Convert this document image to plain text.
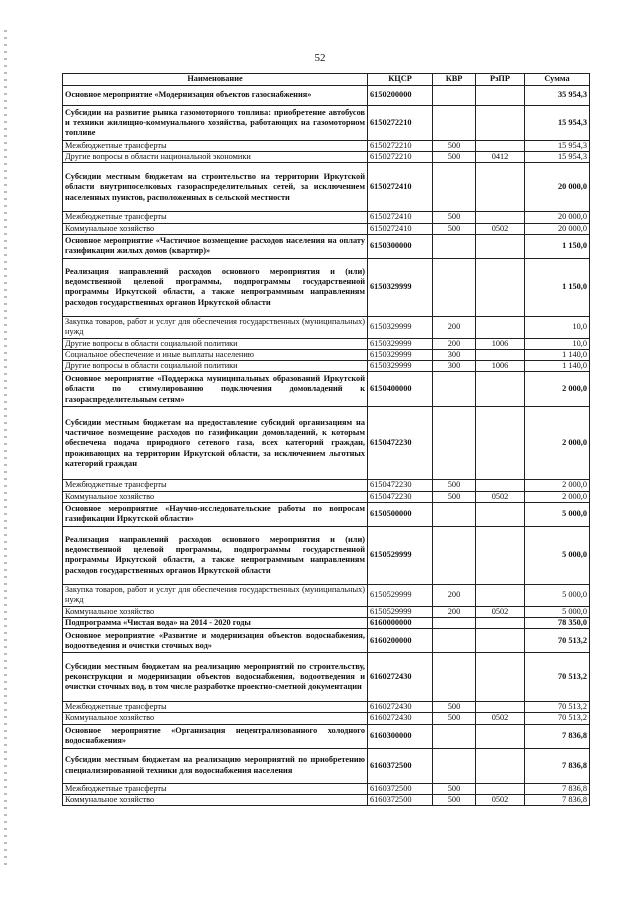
52
Наименование	КЦСР	КВР	РзПР	Сумма
Основное мероприятие «Модернизация объектов газоснабжения»	6150200000			35 954,3
Субсидии на развитие рынка газомоторного топлива: приобретение автобусов и техники жилищно-коммунального хозяйства, работающих на газомоторном топливе	6150272210			15 954,3
Межбюджетные трансферты	6150272210	500		15 954,3
Другие вопросы в области национальной экономики	6150272210	500	0412	15 954,3
Субсидии местным бюджетам на строительство на территории Иркутской области внутрипоселковых газораспределительных сетей, за исключением населенных пунктов, расположенных в сельской местности	6150272410			20 000,0
Межбюджетные трансферты	6150272410	500		20 000,0
Коммунальное хозяйство	6150272410	500	0502	20 000,0
Основное мероприятие «Частичное возмещение расходов населения на оплату газификации жилых домов (квартир)»	6150300000			1 150,0
Реализация направлений расходов основного мероприятия и (или) ведомственной целевой программы, подпрограммы государственной программы Иркутской области, а также непрограммным направлениям расходов государственных органов Иркутской области	6150329999			1 150,0
Закупка товаров, работ и услуг для обеспечения государственных (муниципальных) нужд	6150329999	200		10,0
Другие вопросы в области социальной политики	6150329999	200	1006	10,0
Социальное обеспечение и иные выплаты населению	6150329999	300		1 140,0
Другие вопросы в области социальной политики	6150329999	300	1006	1 140,0
Основное мероприятие «Поддержка муниципальных образований Иркутской области по стимулированию подключения домовладений к газораспределительным сетям»	6150400000			2 000,0
Субсидии местным бюджетам на предоставление субсидий организациям на частичное возмещение расходов по газификации домовладений, к которым обеспечена подача природного сетевого газа, всех категорий граждан, проживающих на территории Иркутской области, за исключением льготных категорий граждан	6150472230			2 000,0
Межбюджетные трансферты	6150472230	500		2 000,0
Коммунальное хозяйство	6150472230	500	0502	2 000,0
Основное мероприятие «Научно-исследовательские работы по вопросам газификации Иркутской области»	6150500000			5 000,0
Реализация направлений расходов основного мероприятия и (или) ведомственной целевой программы, подпрограммы государственной программы Иркутской области, а также непрограммным направлениям расходов государственных органов Иркутской области	6150529999			5 000,0
Закупка товаров, работ и услуг для обеспечения государственных (муниципальных) нужд	6150529999	200		5 000,0
Коммунальное хозяйство	6150529999	200	0502	5 000,0
Подпрограмма «Чистая вода» на 2014 - 2020 годы	6160000000			78 350,0
Основное мероприятие «Развитие и модернизация объектов водоснабжения, водоотведения и очистки сточных вод»	6160200000			70 513,2
Субсидии местным бюджетам на реализацию мероприятий по строительству, реконструкции и модернизации объектов водоснабжения, водоотведения и очистки сточных вод, в том числе разработке проектно-сметной документации	6160272430			70 513,2
Межбюджетные трансферты	6160272430	500		70 513,2
Коммунальное хозяйство	6160272430	500	0502	70 513,2
Основное мероприятие «Организация нецентрализованного холодного водоснабжения»	6160300000			7 836,8
Субсидии местным бюджетам на реализацию мероприятий по приобретению специализированной техники для водоснабжения населения	6160372500			7 836,8
Межбюджетные трансферты	6160372500	500		7 836,8
Коммунальное хозяйство	6160372500	500	0502	7 836,8
